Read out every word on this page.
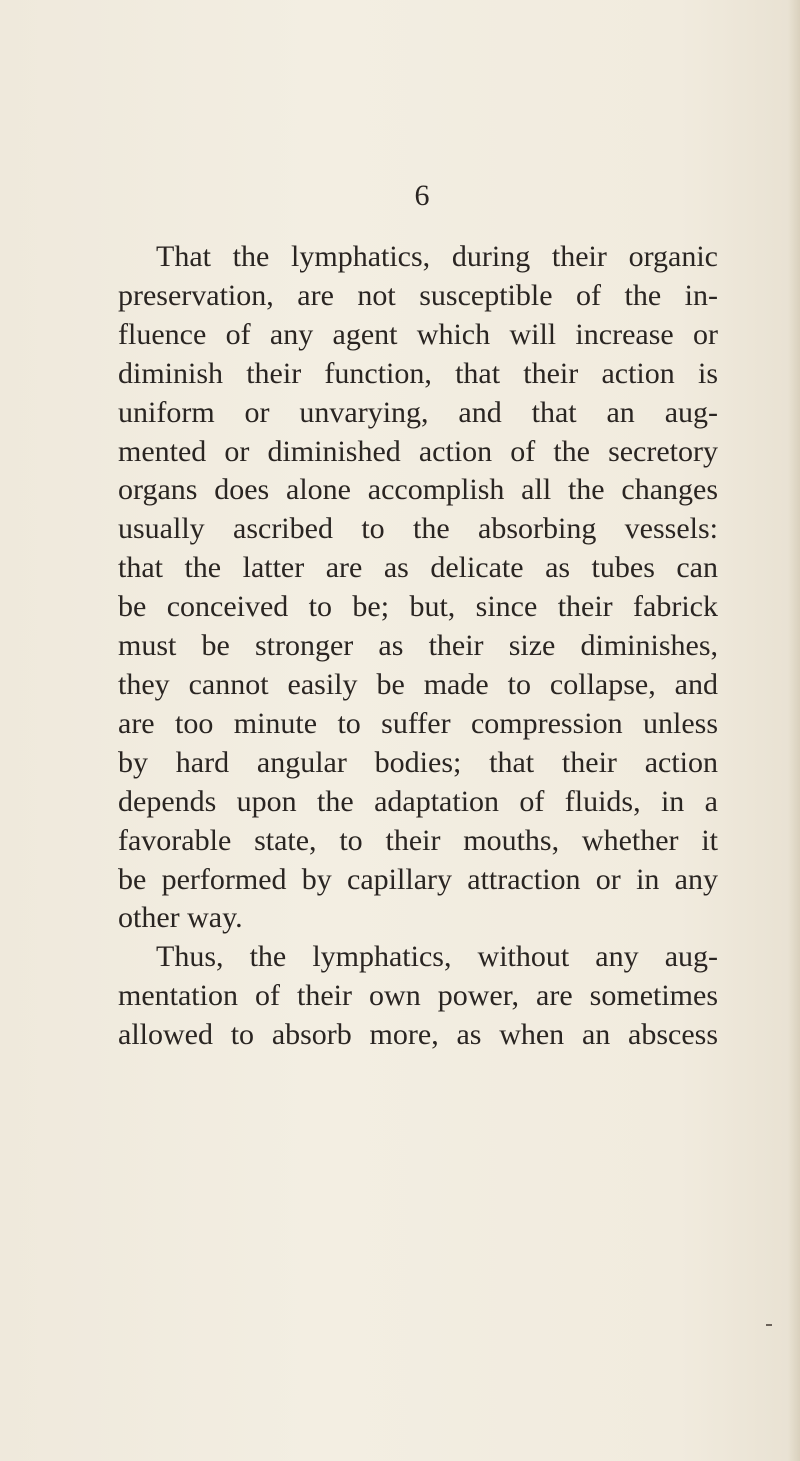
6
That the lymphatics, during their organic
preservation, are not susceptible of the in-
fluence of any agent which will increase or
diminish their function, that their action is
uniform or unvarying, and that an aug-
mented or diminished action of the secretory
organs does alone accomplish all the changes
usually ascribed to the absorbing vessels:
that the latter are as delicate as tubes can
be conceived to be; but, since their fabrick
must be stronger as their size diminishes,
they cannot easily be made to collapse, and
are too minute to suffer compression unless
by hard angular bodies; that their action
depends upon the adaptation of fluids, in a
favorable state, to their mouths, whether it
be performed by capillary attraction or in any
other way.
Thus, the lymphatics, without any aug-
mentation of their own power, are sometimes
allowed to absorb more, as when an abscess
